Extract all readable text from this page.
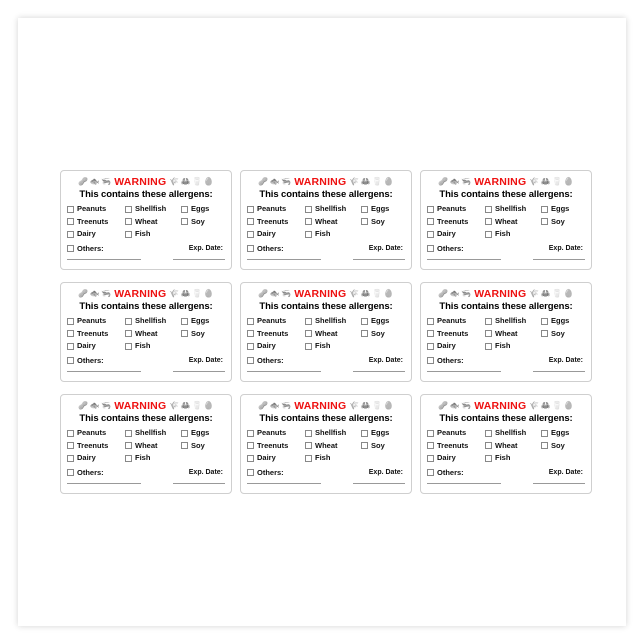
🥜 🐟 🦐 WARNING 🌾 🦀 🥛 🥚
This contains these allergens:
Peanuts	Shellfish	Eggs
Treenuts	Wheat	Soy
Dairy	Fish
Others:	Exp. Date:
🥜 🐟 🦐 WARNING 🌾 🦀 🥛 🥚
This contains these allergens:
Peanuts	Shellfish	Eggs
Treenuts	Wheat	Soy
Dairy	Fish
Others:	Exp. Date:
🥜 🐟 🦐 WARNING 🌾 🦀 🥛 🥚
This contains these allergens:
Peanuts	Shellfish	Eggs
Treenuts	Wheat	Soy
Dairy	Fish
Others:	Exp. Date:
🥜 🐟 🦐 WARNING 🌾 🦀 🥛 🥚
This contains these allergens:
Peanuts	Shellfish	Eggs
Treenuts	Wheat	Soy
Dairy	Fish
Others:	Exp. Date:
🥜 🐟 🦐 WARNING 🌾 🦀 🥛 🥚
This contains these allergens:
Peanuts	Shellfish	Eggs
Treenuts	Wheat	Soy
Dairy	Fish
Others:	Exp. Date:
🥜 🐟 🦐 WARNING 🌾 🦀 🥛 🥚
This contains these allergens:
Peanuts	Shellfish	Eggs
Treenuts	Wheat	Soy
Dairy	Fish
Others:	Exp. Date:
🥜 🐟 🦐 WARNING 🌾 🦀 🥛 🥚
This contains these allergens:
Peanuts	Shellfish	Eggs
Treenuts	Wheat	Soy
Dairy	Fish
Others:	Exp. Date:
🥜 🐟 🦐 WARNING 🌾 🦀 🥛 🥚
This contains these allergens:
Peanuts	Shellfish	Eggs
Treenuts	Wheat	Soy
Dairy	Fish
Others:	Exp. Date:
🥜 🐟 🦐 WARNING 🌾 🦀 🥛 🥚
This contains these allergens:
Peanuts	Shellfish	Eggs
Treenuts	Wheat	Soy
Dairy	Fish
Others:	Exp. Date:
